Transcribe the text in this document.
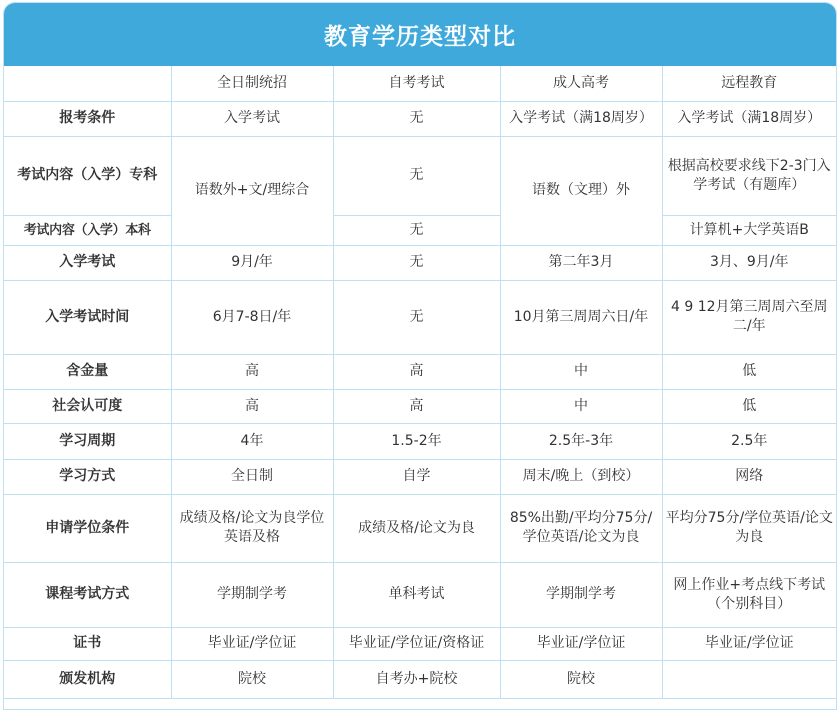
教育学历类型对比
	全日制统招	自考考试	成人高考	远程教育
报考条件	入学考试	无	入学考试（满18周岁）	入学考试（满18周岁）
考试内容（入学）专科	语数外+文/理综合	无	语数（文理）外	根据高校要求线下2-3门入学考试（有题库）
考试内容（入学）本科		无		计算机+大学英语B
入学考试	9月/年	无	第二年3月	3月、9月/年
入学考试时间	6月7-8日/年	无	10月第三周周六日/年	4 9 12月第三周周六至周二/年
含金量	高	高	中	低
社会认可度	高	高	中	低
学习周期	4年	1.5-2年	2.5年-3年	2.5年
学习方式	全日制	自学	周末/晚上（到校）	网络
申请学位条件	成绩及格/论文为良学位英语及格	成绩及格/论文为良	85%出勤/平均分75分/学位英语/论文为良	平均分75分/学位英语/论文为良
课程考试方式	学期制学考	单科考试	学期制学考	网上作业+考点线下考试（个别科目）
证书	毕业证/学位证	毕业证/学位证/资格证	毕业证/学位证	毕业证/学位证
颁发机构	院校	自考办+院校	院校	
